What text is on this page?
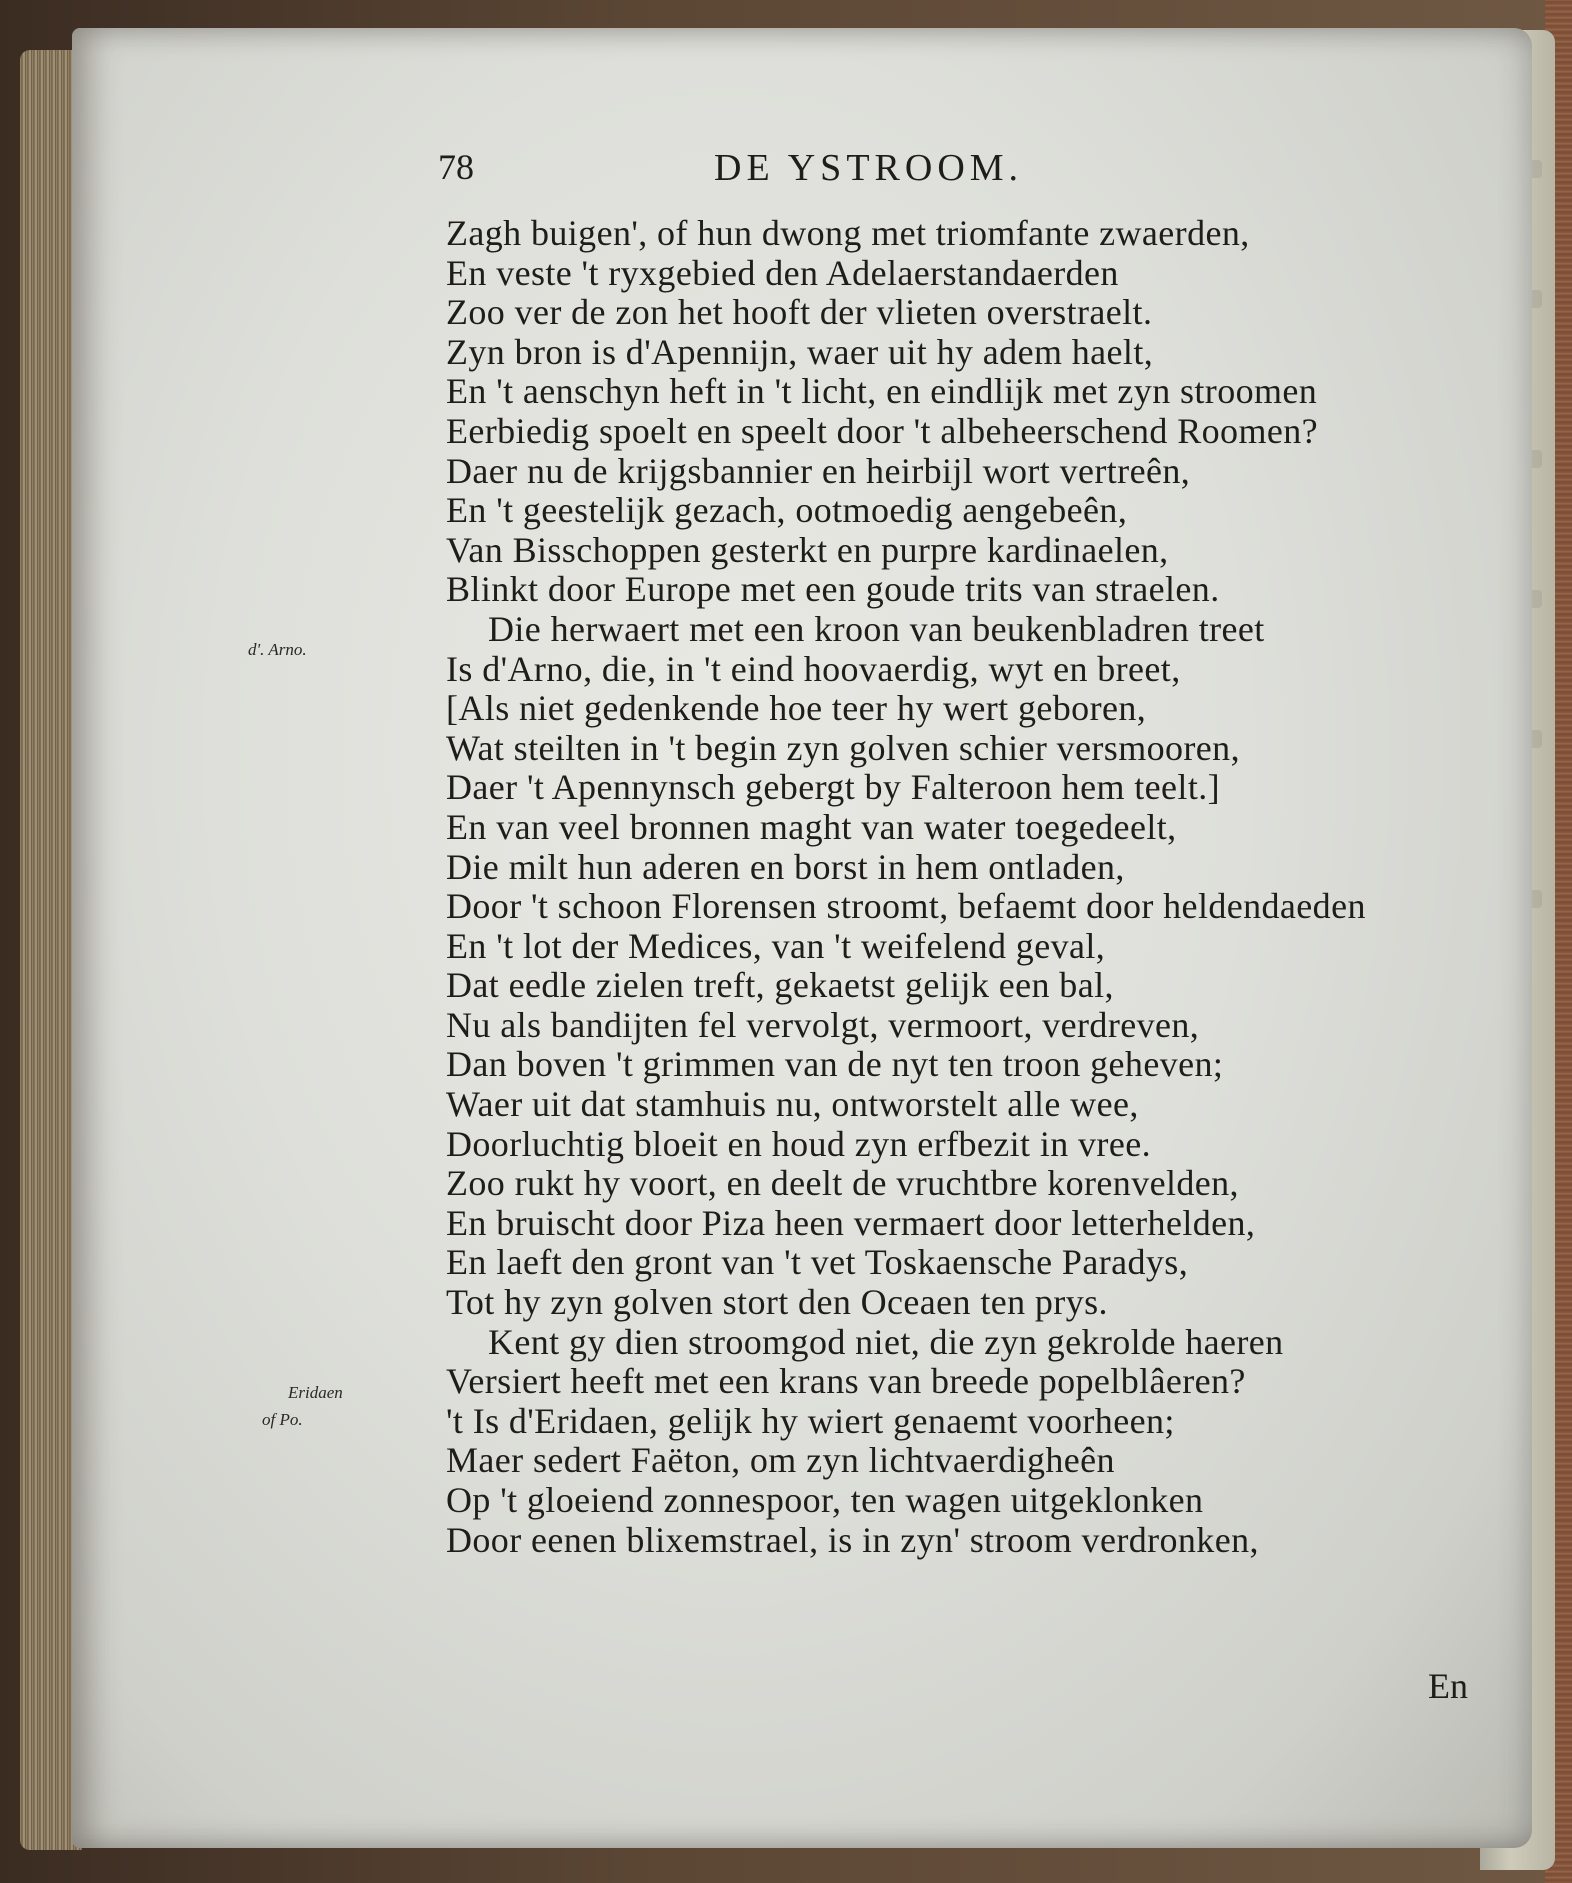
78	DE YSTROOM.
d'. Arno.
Eridaen
of Po.
Zagh buigen', of hun dwong met triomfante zwaerden,
En veste 't ryxgebied den Adelaerstandaerden
Zoo ver de zon het hooft der vlieten overstraelt.
Zyn bron is d'Apennijn, waer uit hy adem haelt,
En 't aenschyn heft in 't licht, en eindlijk met zyn stroomen
Eerbiedig spoelt en speelt door 't albeheerschend Roomen?
Daer nu de krijgsbannier en heirbijl wort vertreên,
En 't geestelijk gezach, ootmoedig aengebeên,
Van Bisschoppen gesterkt en purpre kardinaelen,
Blinkt door Europe met een goude trits van straelen.
Die herwaert met een kroon van beukenbladren treet
Is d'Arno, die, in 't eind hoovaerdig, wyt en breet,
[Als niet gedenkende hoe teer hy wert geboren,
Wat steilten in 't begin zyn golven schier versmooren,
Daer 't Apennynsch gebergt by Falteroon hem teelt.]
En van veel bronnen maght van water toegedeelt,
Die milt hun aderen en borst in hem ontladen,
Door 't schoon Florensen stroomt, befaemt door heldendaeden
En 't lot der Medices, van 't weifelend geval,
Dat eedle zielen treft, gekaetst gelijk een bal,
Nu als bandijten fel vervolgt, vermoort, verdreven,
Dan boven 't grimmen van de nyt ten troon geheven;
Waer uit dat stamhuis nu, ontworstelt alle wee,
Doorluchtig bloeit en houd zyn erfbezit in vree.
Zoo rukt hy voort, en deelt de vruchtbre korenvelden,
En bruischt door Piza heen vermaert door letterhelden,
En laeft den gront van 't vet Toskaensche Paradys,
Tot hy zyn golven stort den Oceaen ten prys.
Kent gy dien stroomgod niet, die zyn gekrolde haeren
Versiert heeft met een krans van breede popelblâeren?
't Is d'Eridaen, gelijk hy wiert genaemt voorheen;
Maer sedert Faëton, om zyn lichtvaerdigheên
Op 't gloeiend zonnespoor, ten wagen uitgeklonken
Door eenen blixemstrael, is in zyn' stroom verdronken,
En
